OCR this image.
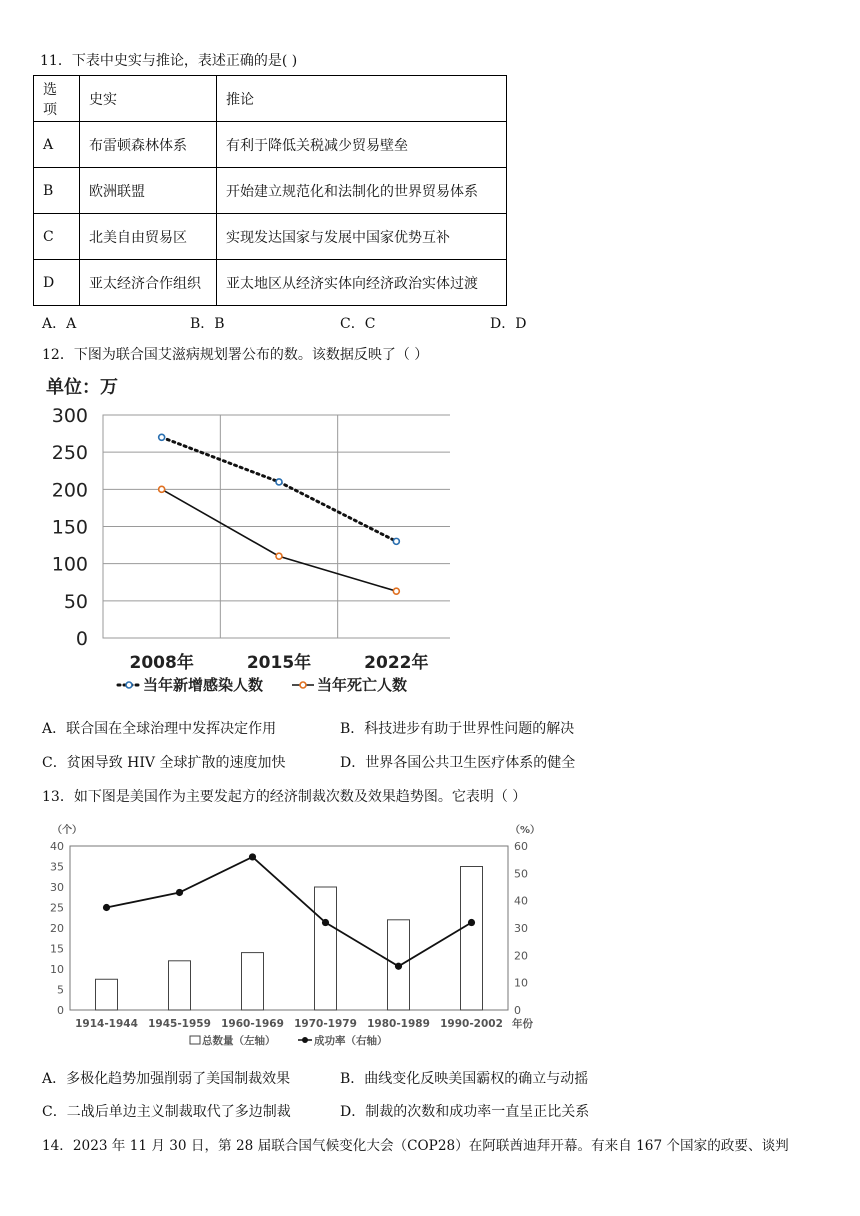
11．下表中史实与推论，表述正确的是( )
选项	史实	推论
A	布雷顿森林体系	有利于降低关税减少贸易壁垒
B	欧洲联盟	开始建立规范化和法制化的世界贸易体系
C	北美自由贸易区	实现发达国家与发展中国家优势互补
D	亚太经济合作组织	亚太地区从经济实体向经济政治实体过渡
A．A	B．B	C．C	D．D
12．下图为联合国艾滋病规划署公布的数。该数据反映了（ ）
单位：万
0
50
100
150
200
250
300
2008年	2015年	2022年
当年新增感染人数	当年死亡人数
A．联合国在全球治理中发挥决定作用	B．科技进步有助于世界性问题的解决
C．贫困导致 HIV 全球扩散的速度加快	D．世界各国公共卫生医疗体系的健全
13．如下图是美国作为主要发起方的经济制裁次数及效果趋势图。它表明（ ）
（个）	（%）
0
5
10
15
20
25
30
35
40
0
10
20
30
40
50
60
1914-1944 1945-1959 1960-1969 1970-1979 1980-1989 1990-2002 年份
总数量（左轴）	成功率（右轴）
A．多极化趋势加强削弱了美国制裁效果	B．曲线变化反映美国霸权的确立与动摇
C．二战后单边主义制裁取代了多边制裁	D．制裁的次数和成功率一直呈正比关系
14．2023 年 11 月 30 日，第 28 届联合国气候变化大会（COP28）在阿联酋迪拜开幕。有来自 167 个国家的政要、谈判
